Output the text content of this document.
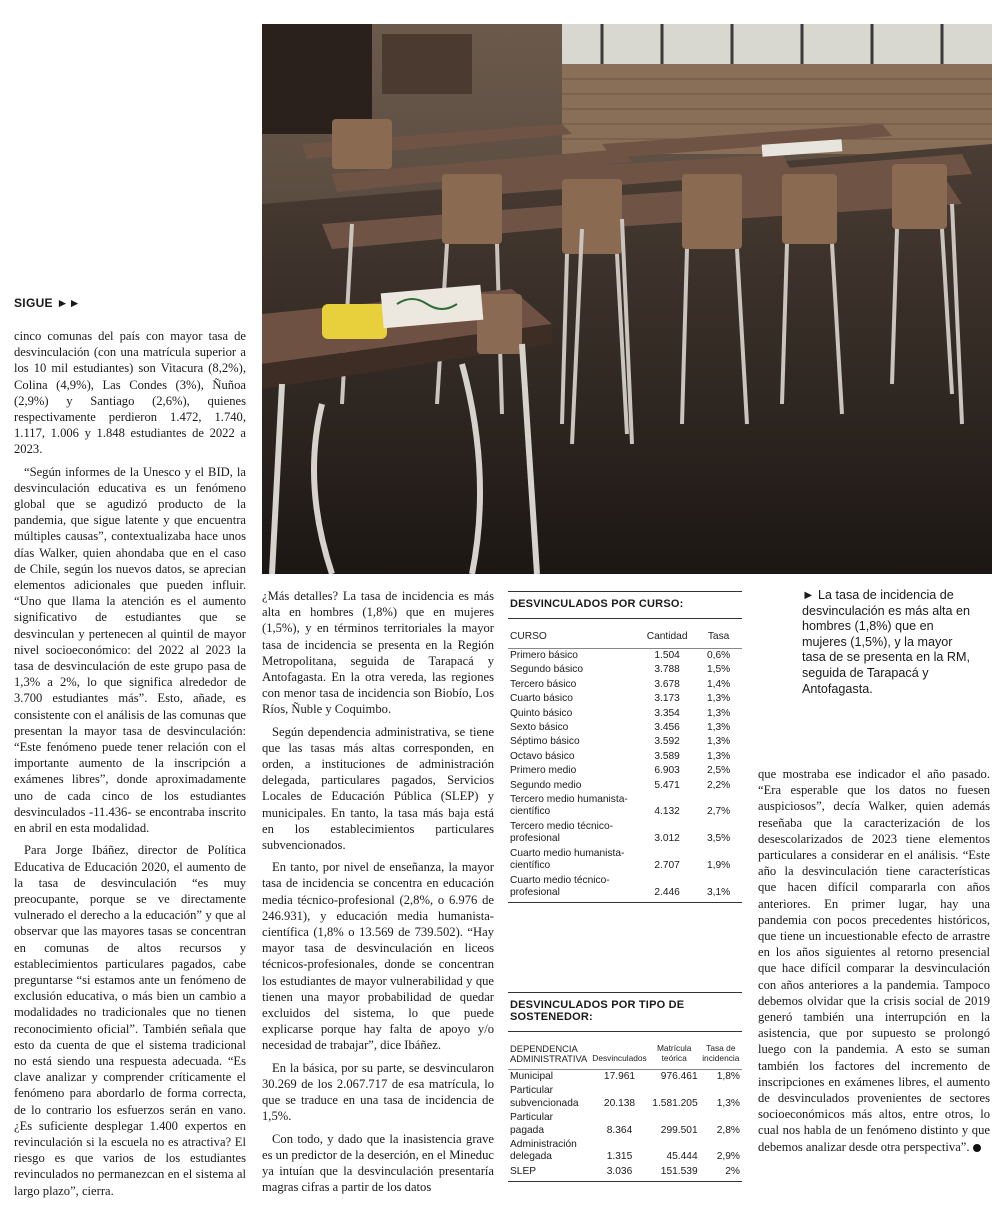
SIGUE ►►

cinco comunas del país con mayor tasa de desvinculación (con una matrícula superior a los 10 mil estudiantes) son Vitacura (8,2%), Colina (4,9%), Las Condes (3%), Ñuñoa (2,9%) y Santiago (2,6%), quienes respectivamente perdieron 1.472, 1.740, 1.117, 1.006 y 1.848 estudiantes de 2022 a 2023.

“Según informes de la Unesco y el BID, la desvinculación educativa es un fenómeno global que se agudizó producto de la pandemia, que sigue latente y que encuentra múltiples causas”, contextualizaba hace unos días Walker, quien ahondaba que en el caso de Chile, según los nuevos datos, se aprecian elementos adicionales que pueden influir. “Uno que llama la atención es el aumento significativo de estudiantes que se desvinculan y pertenecen al quintil de mayor nivel socioeconómico: del 2022 al 2023 la tasa de desvinculación de este grupo pasa de 1,3% a 2%, lo que significa alrededor de 3.700 estudiantes más”. Esto, añade, es consistente con el análisis de las comunas que presentan la mayor tasa de desvinculación: “Este fenómeno puede tener relación con el importante aumento de la inscripción a exámenes libres”, donde aproximadamente uno de cada cinco de los estudiantes desvinculados -11.436- se encontraba inscrito en abril en esta modalidad.

Para Jorge Ibáñez, director de Política Educativa de Educación 2020, el aumento de la tasa de desvinculación “es muy preocupante, porque se ve directamente vulnerado el derecho a la educación” y que al observar que las mayores tasas se concentran en comunas de altos recursos y establecimientos particulares pagados, cabe preguntarse “si estamos ante un fenómeno de exclusión educativa, o más bien un cambio a modalidades no tradicionales que no tienen reconocimiento oficial”. También señala que esto da cuenta de que el sistema tradicional no está siendo una respuesta adecuada. “Es clave analizar y comprender críticamente el fenómeno para abordarlo de forma correcta, de lo contrario los esfuerzos serán en vano. ¿Es suficiente desplegar 1.400 expertos en revinculación si la escuela no es atractiva? El riesgo es que varios de los estudiantes revinculados no permanezcan en el sistema al largo plazo”, cierra.

¿Más detalles? La tasa de incidencia es más alta en hombres (1,8%) que en mujeres (1,5%), y en términos territoriales la mayor tasa de incidencia se presenta en la Región Metropolitana, seguida de Tarapacá y Antofagasta. En la otra vereda, las regiones con menor tasa de incidencia son Biobío, Los Ríos, Ñuble y Coquimbo.

Según dependencia administrativa, se tiene que las tasas más altas corresponden, en orden, a instituciones de administración delegada, particulares pagados, Servicios Locales de Educación Pública (SLEP) y municipales. En tanto, la tasa más baja está en los establecimientos particulares subvencionados.

En tanto, por nivel de enseñanza, la mayor tasa de incidencia se concentra en educación media técnico-profesional (2,8%, o 6.976 de 246.931), y educación media humanista-científica (1,8% o 13.569 de 739.502). “Hay mayor tasa de desvinculación en liceos técnicos-profesionales, donde se concentran los estudiantes de mayor vulnerabilidad y que tienen una mayor probabilidad de quedar excluidos del sistema, lo que puede explicarse porque hay falta de apoyo y/o necesidad de trabajar”, dice Ibáñez.

En la básica, por su parte, se desvincularon 30.269 de los 2.067.717 de esa matrícula, lo que se traduce en una tasa de incidencia de 1,5%.

Con todo, y dado que la inasistencia grave es un predictor de la deserción, en el Mineduc ya intuían que la desvinculación presentaría magras cifras a partir de los datos

► La tasa de incidencia de desvinculación es más alta en hombres (1,8%) que en mujeres (1,5%), y la mayor tasa de se presenta en la RM, seguida de Tarapacá y Antofagasta.
DESVINCULADOS POR CURSO:
CURSO	Cantidad	Tasa
Primero básico	1.504	0,6%
Segundo básico	3.788	1,5%
Tercero básico	3.678	1,4%
Cuarto básico	3.173	1,3%
Quinto básico	3.354	1,3%
Sexto básico	3.456	1,3%
Séptimo básico	3.592	1,3%
Octavo básico	3.589	1,3%
Primero medio	6.903	2,5%
Segundo medio	5.471	2,2%
Tercero medio humanista-científico	4.132	2,7%
Tercero medio técnico-profesional	3.012	3,5%
Cuarto medio humanista-científico	2.707	1,9%
Cuarto medio técnico-profesional	2.446	3,1%
DESVINCULADOS POR TIPO DE SOSTENEDOR:
DEPENDENCIA ADMINISTRATIVA	Desvinculados	Matrícula teórica	Tasa de incidencia
Municipal	17.961	976.461	1,8%
Particular subvencionada	20.138	1.581.205	1,3%
Particular pagada	8.364	299.501	2,8%
Administración delegada	1.315	45.444	2,9%
SLEP	3.036	151.539	2%

que mostraba ese indicador el año pasado. “Era esperable que los datos no fuesen auspiciosos”, decía Walker, quien además reseñaba que la caracterización de los desescolarizados de 2023 tiene elementos particulares a considerar en el análisis. “Este año la desvinculación tiene características que hacen difícil compararla con años anteriores. En primer lugar, hay una pandemia con pocos precedentes históricos, que tiene un incuestionable efecto de arrastre en los años siguientes al retorno presencial que hace difícil comparar la desvinculación con años anteriores a la pandemia. Tampoco debemos olvidar que la crisis social de 2019 generó también una interrupción en la asistencia, que por supuesto se prolongó luego con la pandemia. A esto se suman también los factores del incremento de inscripciones en exámenes libres, el aumento de desvinculados provenientes de sectores socioeconómicos más altos, entre otros, lo cual nos habla de un fenómeno distinto y que debemos analizar desde otra perspectiva”.
